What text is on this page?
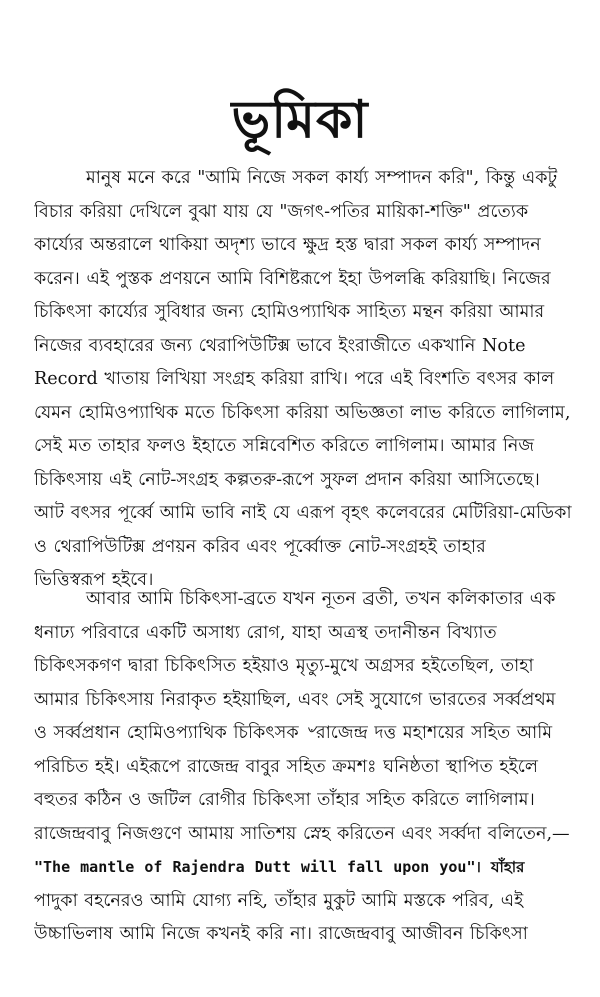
ভূমিকা
মানুষ মনে করে "আমি নিজে সকল কার্য্য সম্পাদন করি", কিন্তু একটু
বিচার করিয়া দেখিলে বুঝা যায় যে "জগৎ-পতির মায়িকা-শক্তি" প্রত্যেক
কার্য্যের অন্তরালে থাকিয়া অদৃশ্য ভাবে ক্ষুদ্র হস্ত দ্বারা সকল কার্য্য সম্পাদন
করেন। এই পুস্তক প্রণয়নে আমি বিশিষ্টরূপে ইহা উপলব্ধি করিয়াছি। নিজের
চিকিৎসা কার্য্যের সুবিধার জন্য হোমিওপ্যাথিক সাহিত্য মন্থন করিয়া আমার
নিজের ব্যবহারের জন্য থেরাপিউটিক্স ভাবে ইংরাজীতে একখানি Note
Record খাতায় লিখিয়া সংগ্রহ করিয়া রাখি। পরে এই বিংশতি বৎসর কাল
যেমন হোমিওপ্যাথিক মতে চিকিৎসা করিয়া অভিজ্ঞতা লাভ করিতে লাগিলাম,
সেই মত তাহার ফলও ইহাতে সন্নিবেশিত করিতে লাগিলাম। আমার নিজ
চিকিৎসায় এই নোট-সংগ্রহ কল্পতরু-রূপে সুফল প্রদান করিয়া আসিতেছে।
আট বৎসর পূর্ব্বে আমি ভাবি নাই যে এরূপ বৃহৎ কলেবরের মেটিরিয়া-মেডিকা
ও থেরাপিউটিক্স প্রণয়ন করিব এবং পূর্ব্বোক্ত নোট-সংগ্রহই তাহার
ভিত্তিস্বরূপ হইবে।
আবার আমি চিকিৎসা-ব্রতে যখন নূতন ব্রতী, তখন কলিকাতার এক
ধনাঢ্য পরিবারে একটি অসাধ্য রোগ, যাহা অত্রস্থ তদানীন্তন বিখ্যাত
চিকিৎসকগণ দ্বারা চিকিৎসিত হইয়াও মৃত্যু-মুখে অগ্রসর হইতেছিল, তাহা
আমার চিকিৎসায় নিরাকৃত হইয়াছিল, এবং সেই সুযোগে ভারতের সর্ব্বপ্রথম
ও সর্ব্বপ্রধান হোমিওপ্যাথিক চিকিৎসক ৺রাজেন্দ্র দত্ত মহাশয়ের সহিত আমি
পরিচিত হই। এইরূপে রাজেন্দ্র বাবুর সহিত ক্রমশঃ ঘনিষ্ঠতা স্থাপিত হইলে
বহুতর কঠিন ও জটিল রোগীর চিকিৎসা তাঁহার সহিত করিতে লাগিলাম।
রাজেন্দ্রবাবু নিজগুণে আমায় সাতিশয় স্নেহ করিতেন এবং সর্ব্বদা বলিতেন,—
"The mantle of Rajendra Dutt will fall upon you"। যাঁহার
পাদুকা বহনেরও আমি যোগ্য নহি, তাঁহার মুকুট আমি মস্তকে পরিব, এই
উচ্চাভিলাষ আমি নিজে কখনই করি না। রাজেন্দ্রবাবু আজীবন চিকিৎসা
